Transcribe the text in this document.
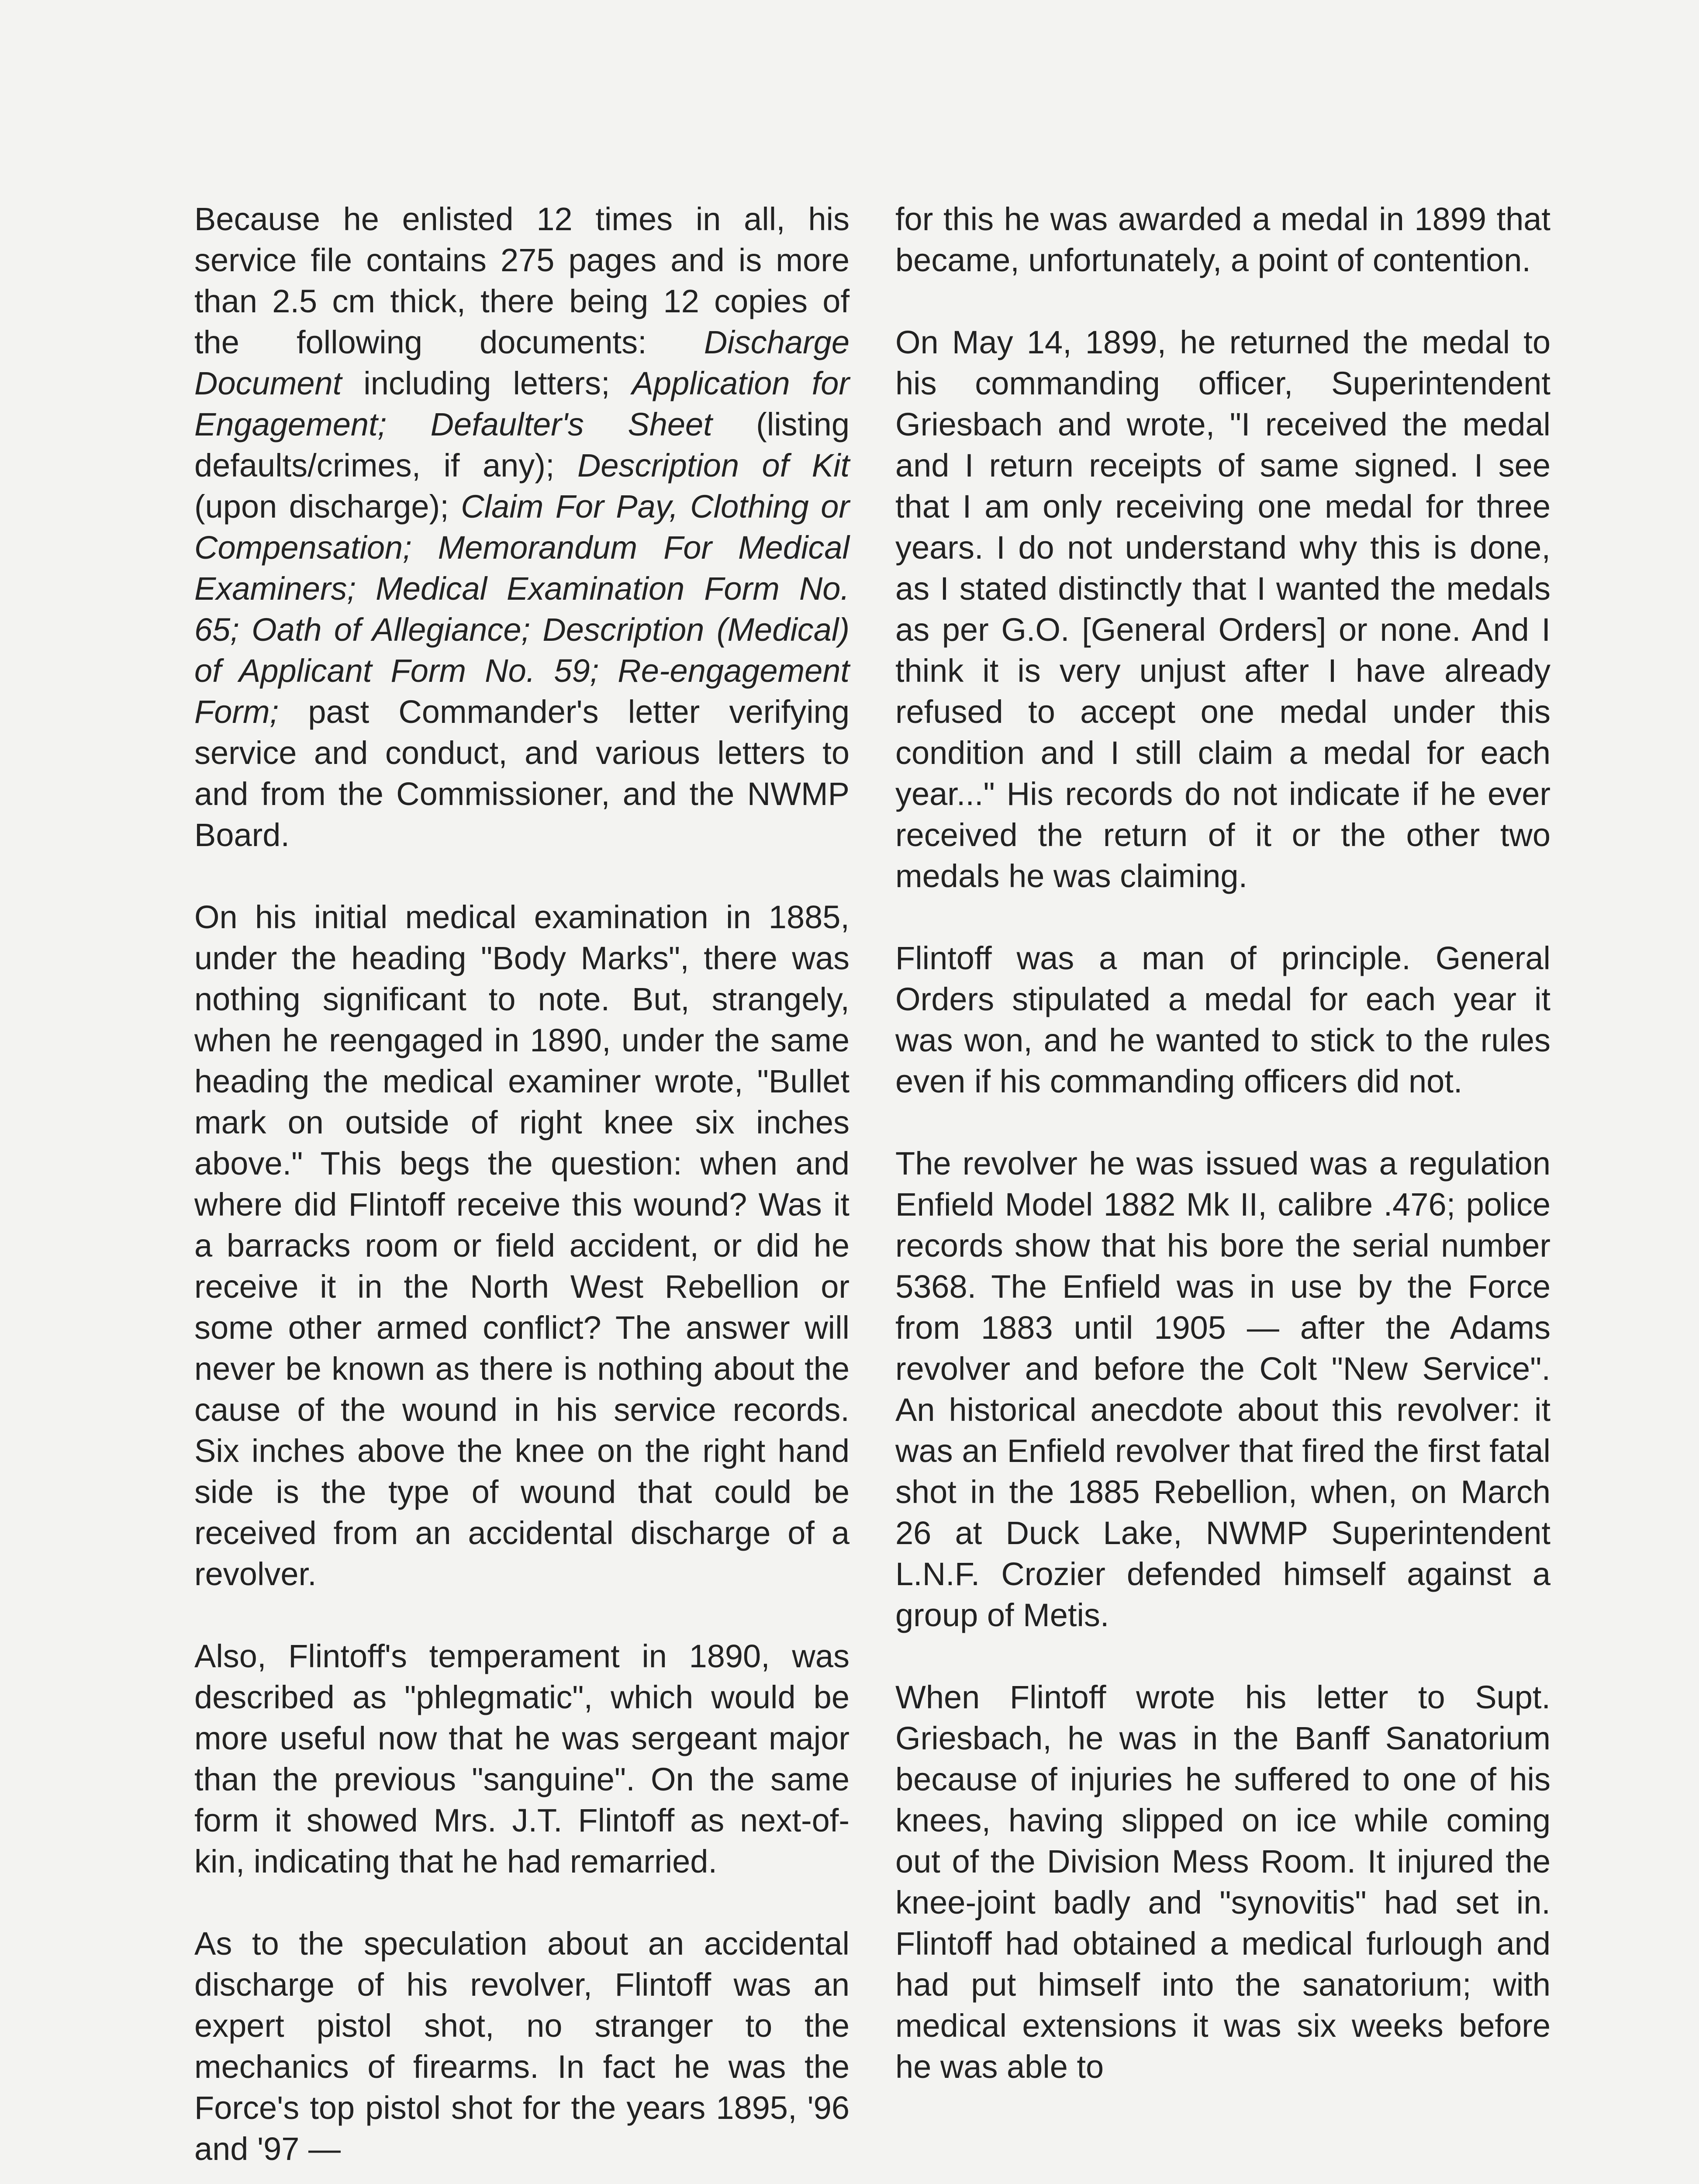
Because he enlisted 12 times in all, his service file contains 275 pages and is more than 2.5 cm thick, there being 12 copies of the following documents: Discharge Document including letters; Application for Engagement; Defaulter's Sheet (listing defaults/crimes, if any); Description of Kit (upon discharge); Claim For Pay, Clothing or Compensation; Memorandum For Medical Examiners; Medical Examination Form No. 65; Oath of Allegiance; Description (Medical) of Applicant Form No. 59; Re-engagement Form; past Commander's letter verifying service and conduct, and various letters to and from the Commissioner, and the NWMP Board.

On his initial medical examination in 1885, under the heading "Body Marks", there was nothing significant to note. But, strangely, when he reengaged in 1890, under the same heading the medical examiner wrote, "Bullet mark on outside of right knee six inches above." This begs the question: when and where did Flintoff receive this wound? Was it a barracks room or field accident, or did he receive it in the North West Rebellion or some other armed conflict? The answer will never be known as there is nothing about the cause of the wound in his service records. Six inches above the knee on the right hand side is the type of wound that could be received from an accidental discharge of a revolver.

Also, Flintoff's temperament in 1890, was described as "phlegmatic", which would be more useful now that he was sergeant major than the previous "sanguine". On the same form it showed Mrs. J.T. Flintoff as next-of-kin, indicating that he had remarried.

As to the speculation about an accidental discharge of his revolver, Flintoff was an expert pistol shot, no stranger to the mechanics of firearms. In fact he was the Force's top pistol shot for the years 1895, '96 and '97 —

for this he was awarded a medal in 1899 that became, unfortunately, a point of contention.

On May 14, 1899, he returned the medal to his commanding officer, Superintendent Griesbach and wrote, "I received the medal and I return receipts of same signed. I see that I am only receiving one medal for three years. I do not understand why this is done, as I stated distinctly that I wanted the medals as per G.O. [General Orders] or none. And I think it is very unjust after I have already refused to accept one medal under this condition and I still claim a medal for each year..." His records do not indicate if he ever received the return of it or the other two medals he was claiming.

Flintoff was a man of principle. General Orders stipulated a medal for each year it was won, and he wanted to stick to the rules even if his commanding officers did not.

The revolver he was issued was a regulation Enfield Model 1882 Mk II, calibre .476; police records show that his bore the serial number 5368. The Enfield was in use by the Force from 1883 until 1905 — after the Adams revolver and before the Colt "New Service". An historical anecdote about this revolver: it was an Enfield revolver that fired the first fatal shot in the 1885 Rebellion, when, on March 26 at Duck Lake, NWMP Superintendent L.N.F. Crozier defended himself against a group of Metis.

When Flintoff wrote his letter to Supt. Griesbach, he was in the Banff Sanatorium because of injuries he suffered to one of his knees, having slipped on ice while coming out of the Division Mess Room. It injured the knee-joint badly and "synovitis" had set in. Flintoff had obtained a medical furlough and had put himself into the sanatorium; with medical extensions it was six weeks before he was able to
